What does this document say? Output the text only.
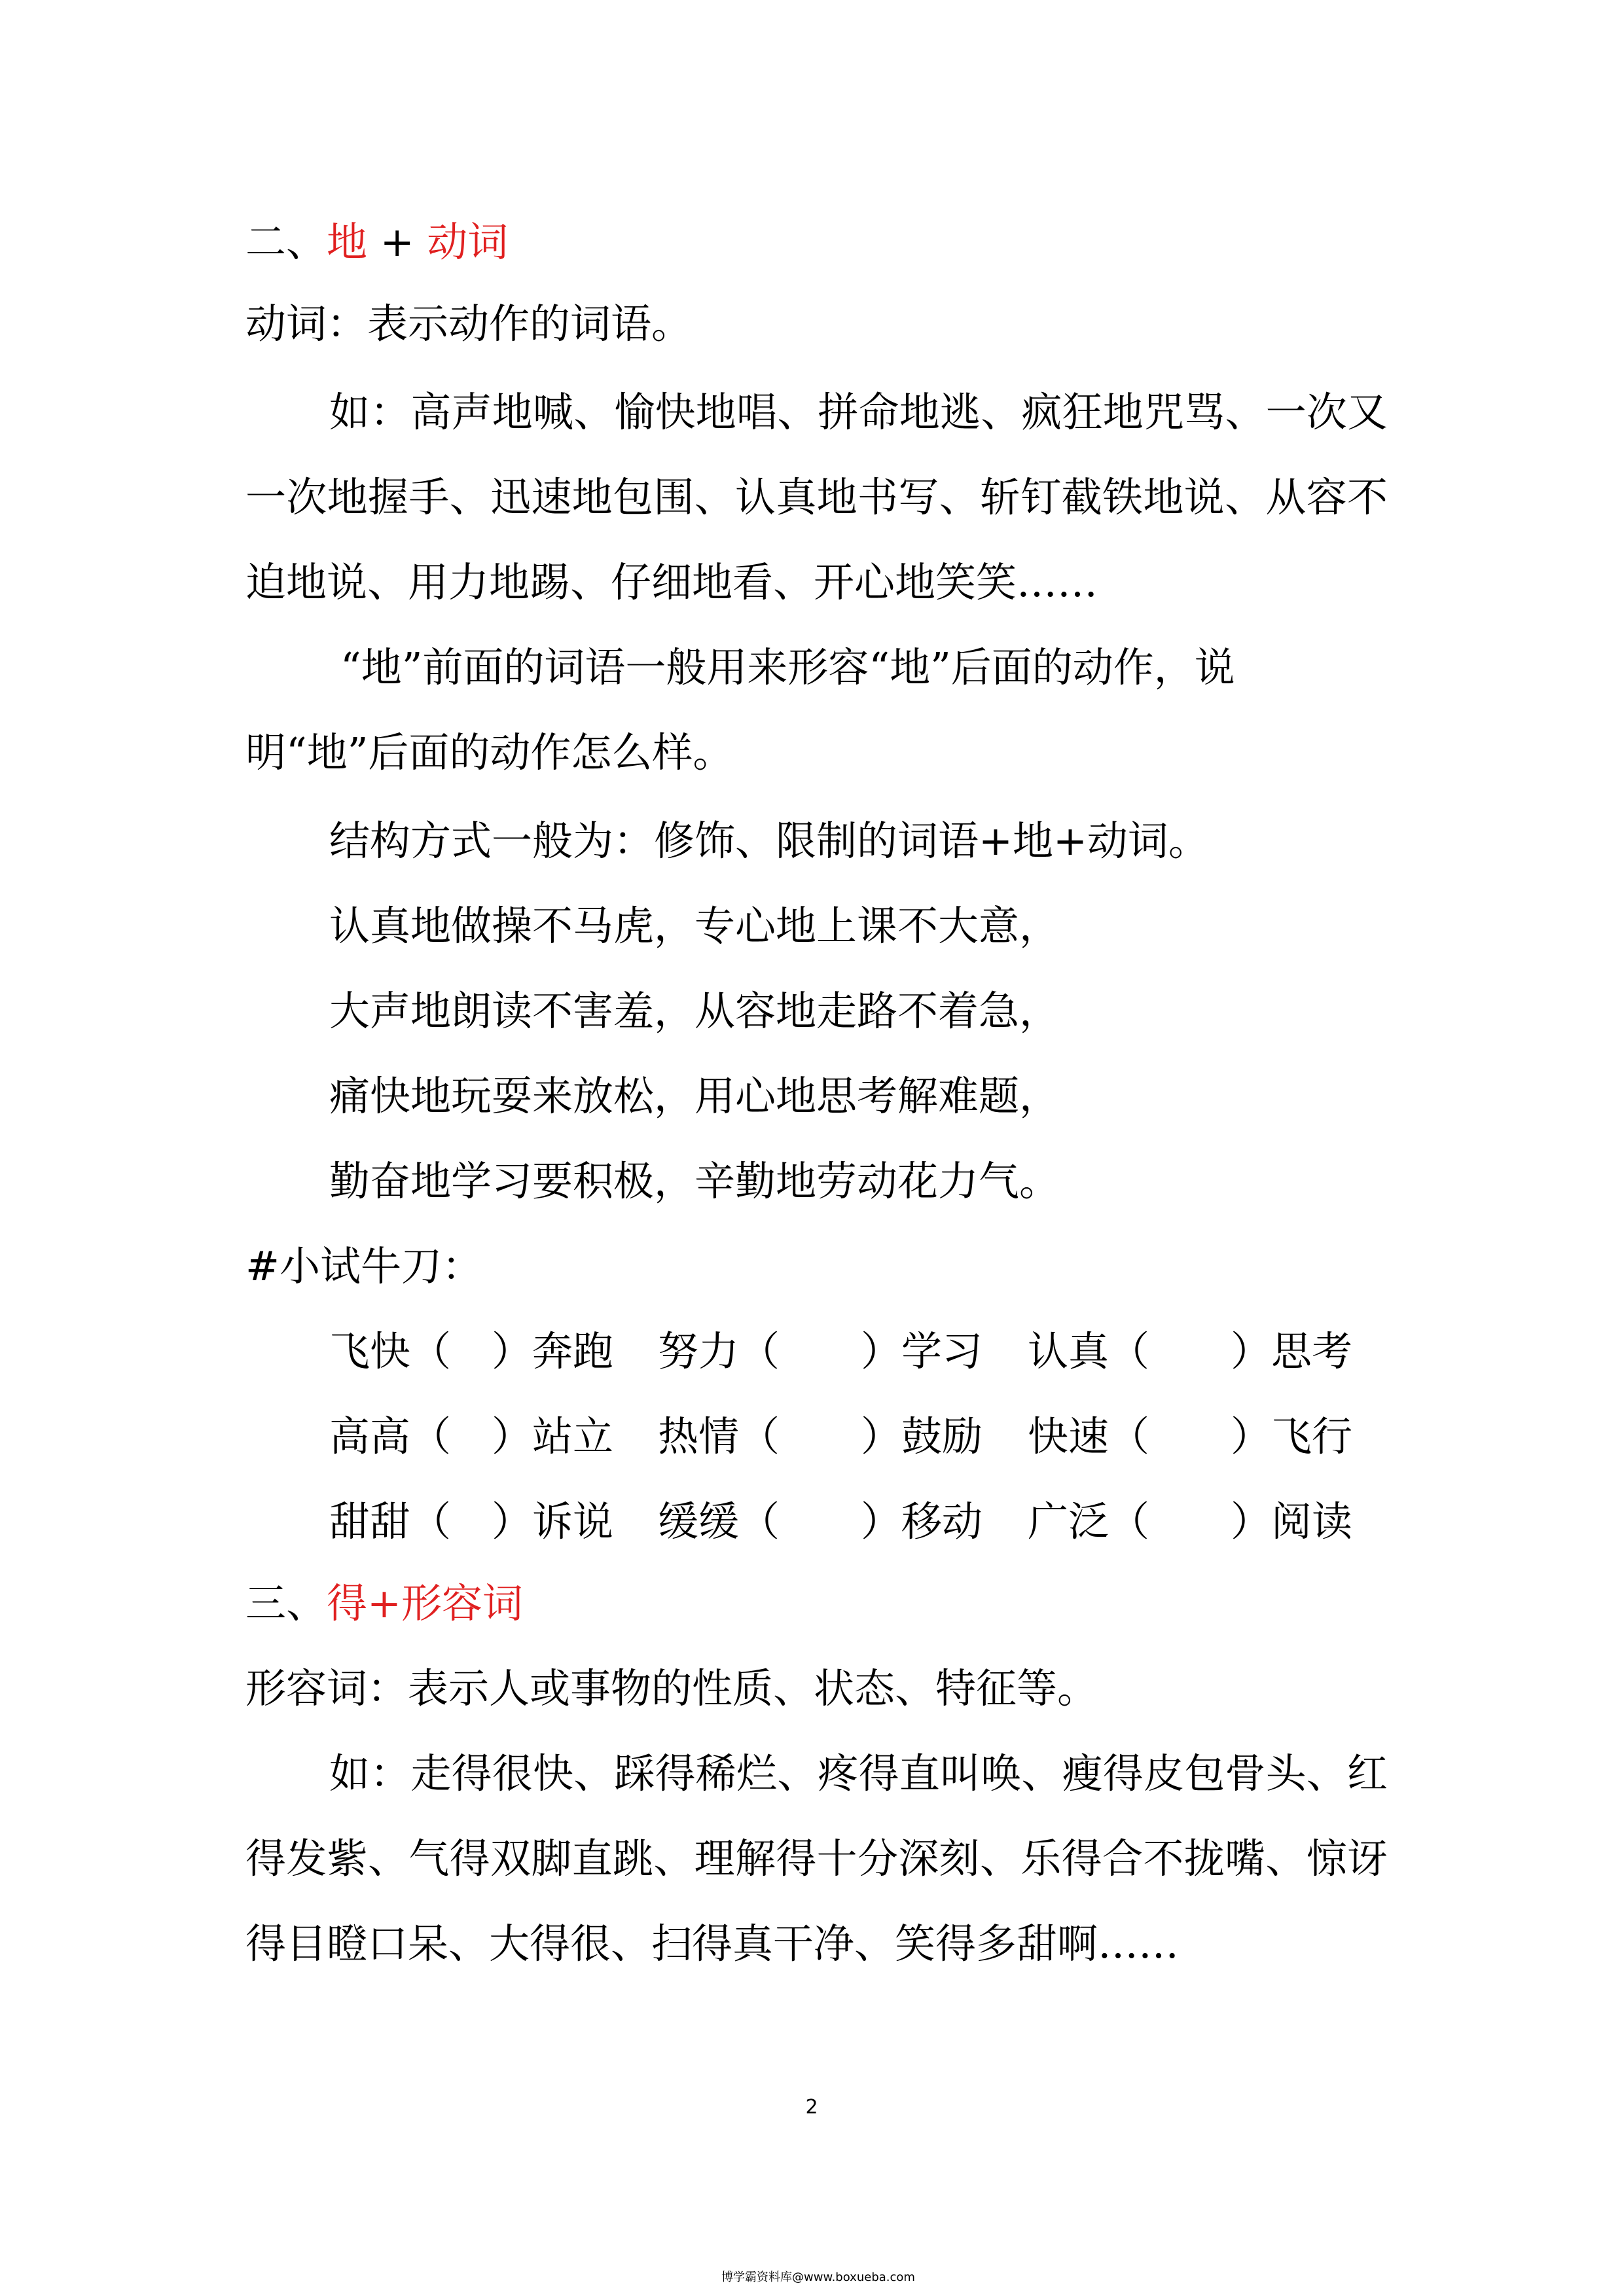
二、地 + 动词
动词：表示动作的词语。
如：高声地喊、愉快地唱、拼命地逃、疯狂地咒骂、一次又一次地握手、迅速地包围、认真地书写、斩钉截铁地说、从容不迫地说、用力地踢、仔细地看、开心地笑笑……
“地”前面的词语一般用来形容“地”后面的动作，说明“地”后面的动作怎么样。
结构方式一般为：修饰、限制的词语+地+动词。
认真地做操不马虎，专心地上课不大意，
大声地朗读不害羞，从容地走路不着急，
痛快地玩耍来放松，用心地思考解难题，
勤奋地学习要积极，辛勤地劳动花力气。
#小试牛刀：
飞快（　）奔跑 努力（　　）学习 认真（　　）思考
高高（　）站立 热情（　　）鼓励 快速（　　）飞行
甜甜（　）诉说 缓缓（　　）移动 广泛（　　）阅读
三、得+形容词
形容词：表示人或事物的性质、状态、特征等。
如：走得很快、踩得稀烂、疼得直叫唤、瘦得皮包骨头、红得发紫、气得双脚直跳、理解得十分深刻、乐得合不拢嘴、惊讶得目瞪口呆、大得很、扫得真干净、笑得多甜啊……
2
博学霸资料库@www.boxueba.com
